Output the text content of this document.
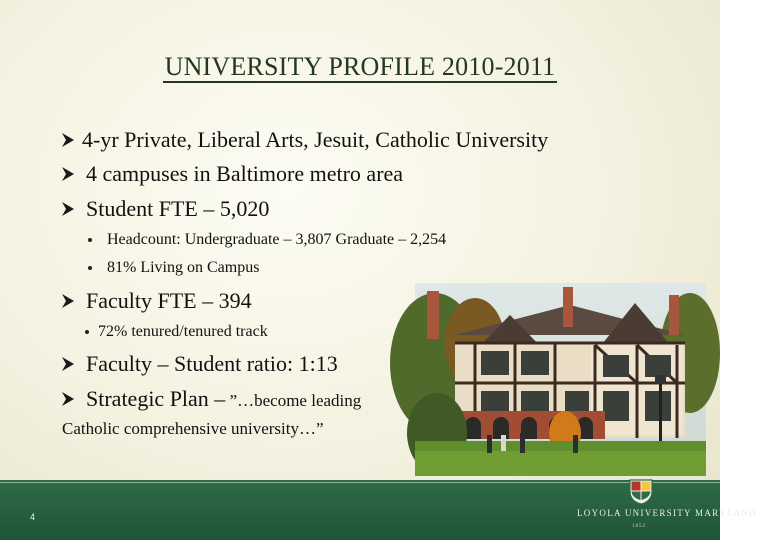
UNIVERSITY PROFILE 2010-2011
4-yr Private, Liberal Arts, Jesuit, Catholic University
4 campuses in Baltimore metro area
Student FTE – 5,020
Headcount: Undergraduate – 3,807 Graduate – 2,254
81% Living on Campus
Faculty FTE – 394
72% tenured/tenured track
Faculty – Student ratio: 1:13
Strategic Plan – ”…become leading
Catholic comprehensive university…”
4	LOYOLA UNIVERSITY MARYLAND
1852
